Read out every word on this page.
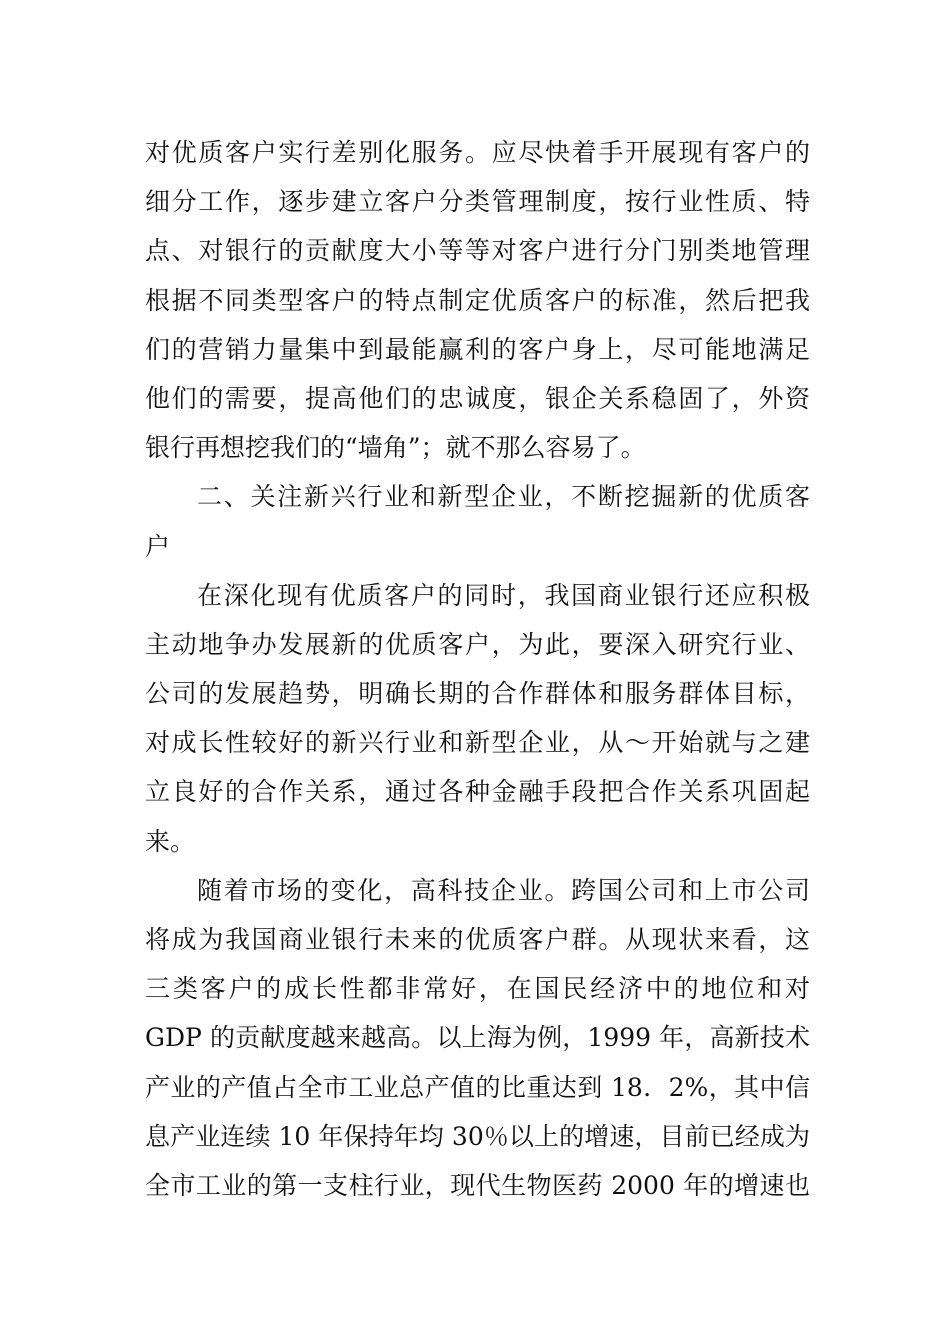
对优质客户实行差别化服务。应尽快着手开展现有客户的
细分工作，逐步建立客户分类管理制度，按行业性质、特
点、对银行的贡献度大小等等对客户进行分门别类地管理
根据不同类型客户的特点制定优质客户的标准，然后把我
们的营销力量集中到最能赢利的客户身上，尽可能地满足
他们的需要，提高他们的忠诚度，银企关系稳固了，外资
银行再想挖我们的“墙角”；就不那么容易了。
二、关注新兴行业和新型企业，不断挖掘新的优质客
户
在深化现有优质客户的同时，我国商业银行还应积极
主动地争办发展新的优质客户，为此，要深入研究行业、
公司的发展趋势，明确长期的合作群体和服务群体目标，
对成长性较好的新兴行业和新型企业，从～开始就与之建
立良好的合作关系，通过各种金融手段把合作关系巩固起
来。
随着市场的变化，高科技企业。跨国公司和上市公司
将成为我国商业银行未来的优质客户群。从现状来看，这
三类客户的成长性都非常好，在国民经济中的地位和对
GDP 的贡献度越来越高。以上海为例，1999 年，高新技术
产业的产值占全市工业总产值的比重达到 18．2%，其中信
息产业连续 10 年保持年均 30％以上的增速，目前已经成为
全市工业的第一支柱行业，现代生物医药 2000 年的增速也
